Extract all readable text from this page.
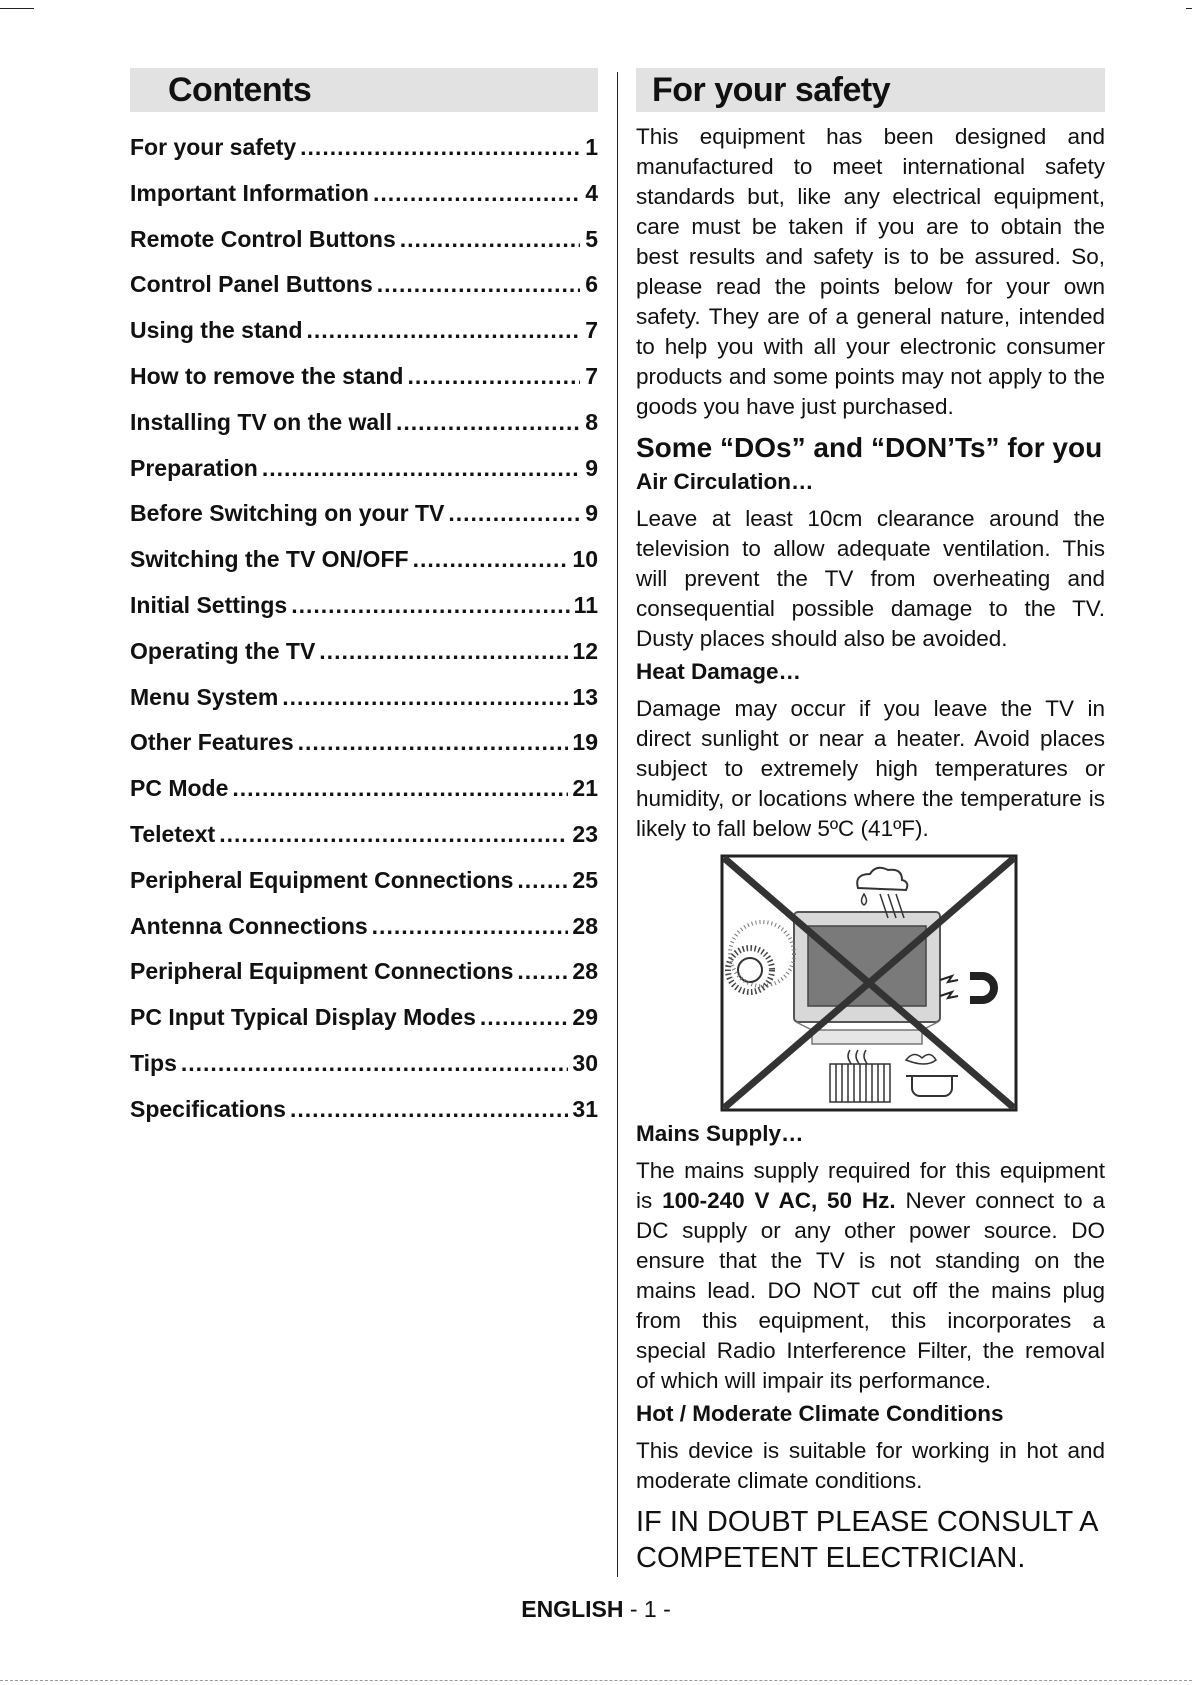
Contents
For your safety .....	1
Important Information .....	4
Remote Control Buttons .....	5
Control Panel Buttons .....	6
Using the stand .....	7
How to remove the stand .....	7
Installing TV on the wall .....	8
Preparation .....	9
Before Switching on your TV .....	9
Switching the TV ON/OFF .....	10
Initial Settings .....	11
Operating the TV .....	12
Menu System .....	13
Other Features .....	19
PC Mode .....	21
Teletext .....	23
Peripheral Equipment Connections .....	25
Antenna Connections .....	28
Peripheral Equipment Connections .....	28
PC Input Typical Display Modes .....	29
Tips .....	30
Specifications .....	31
For your safety

This equipment has been designed and manufactured to meet international safety standards but, like any electrical equipment, care must be taken if you are to obtain the best results and safety is to be assured. So, please read the points below for your own safety. They are of a general nature, intended to help you with all your electronic consumer products and some points may not apply to the goods you have just purchased.

Some “DOs” and “DON’Ts” for you
Air Circulation…

Leave at least 10cm clearance around the television to allow adequate ventilation. This will prevent the TV from overheating and consequential possible damage to the TV. Dusty places should also be avoided.

Heat Damage…

Damage may occur if you leave the TV in direct sunlight or near a heater. Avoid places subject to extremely high temperatures or humidity, or locations where the temperature is likely to fall below 5ºC (41ºF).

Mains Supply…

The mains supply required for this equipment is 100-240 V AC, 50 Hz. Never connect to a DC supply or any other power source. DO ensure that the TV is not standing on the mains lead. DO NOT cut off the mains plug from this equipment, this incorporates a special Radio Interference Filter, the removal of which will impair its performance.

Hot / Moderate Climate Conditions

This device is suitable for working in hot and moderate climate conditions.

IF IN DOUBT PLEASE CONSULT A
COMPETENT ELECTRICIAN.

ENGLISH - 1 -
